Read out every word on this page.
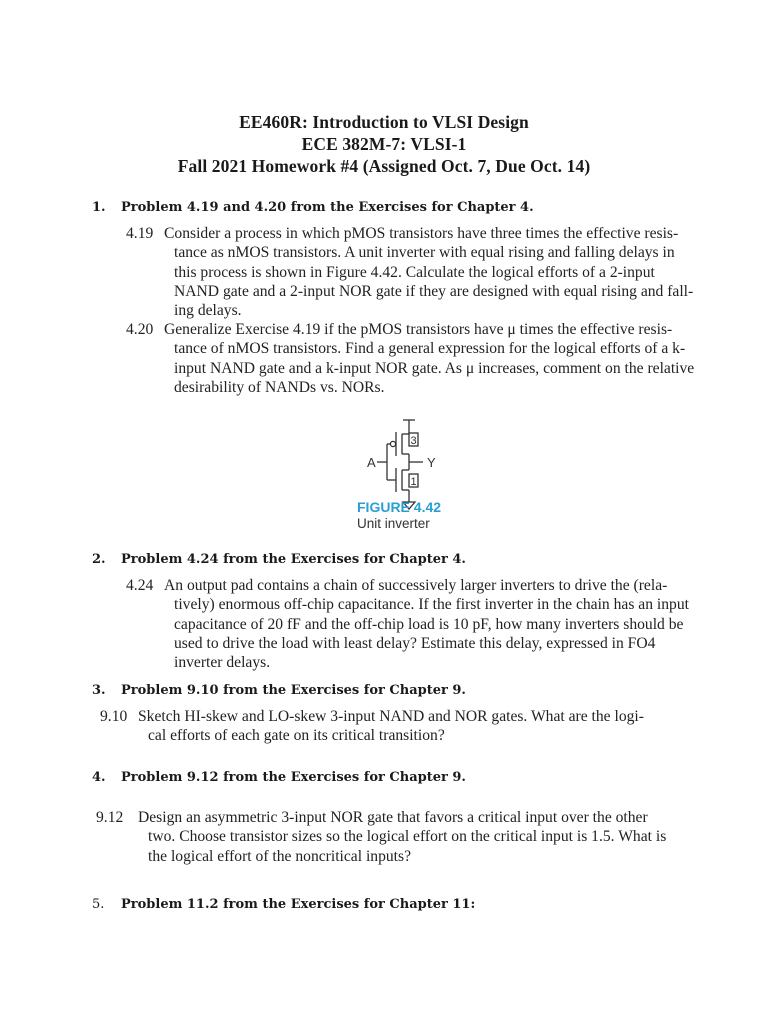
EE460R: Introduction to VLSI Design
ECE 382M-7: VLSI-1
Fall 2021 Homework #4 (Assigned Oct. 7, Due Oct. 14)
1. Problem 4.19 and 4.20 from the Exercises for Chapter 4.
4.19 Consider a process in which pMOS transistors have three times the effective resis-
tance as nMOS transistors. A unit inverter with equal rising and falling delays in
this process is shown in Figure 4.42. Calculate the logical efforts of a 2-input
NAND gate and a 2-input NOR gate if they are designed with equal rising and fall-
ing delays.
4.20 Generalize Exercise 4.19 if the pMOS transistors have μ times the effective resis-
tance of nMOS transistors. Find a general expression for the logical efforts of a k-
input NAND gate and a k-input NOR gate. As μ increases, comment on the relative
desirability of NANDs vs. NORs.
A	Y
3
1
FIGURE 4.42
Unit inverter
2. Problem 4.24 from the Exercises for Chapter 4.
4.24 An output pad contains a chain of successively larger inverters to drive the (rela-
tively) enormous off-chip capacitance. If the first inverter in the chain has an input
capacitance of 20 fF and the off-chip load is 10 pF, how many inverters should be
used to drive the load with least delay? Estimate this delay, expressed in FO4
inverter delays.
3. Problem 9.10 from the Exercises for Chapter 9.
9.10 Sketch HI-skew and LO-skew 3-input NAND and NOR gates. What are the logi-
cal efforts of each gate on its critical transition?
4. Problem 9.12 from the Exercises for Chapter 9.
9.12 Design an asymmetric 3-input NOR gate that favors a critical input over the other
two. Choose transistor sizes so the logical effort on the critical input is 1.5. What is
the logical effort of the noncritical inputs?
5. Problem 11.2 from the Exercises for Chapter 11:
